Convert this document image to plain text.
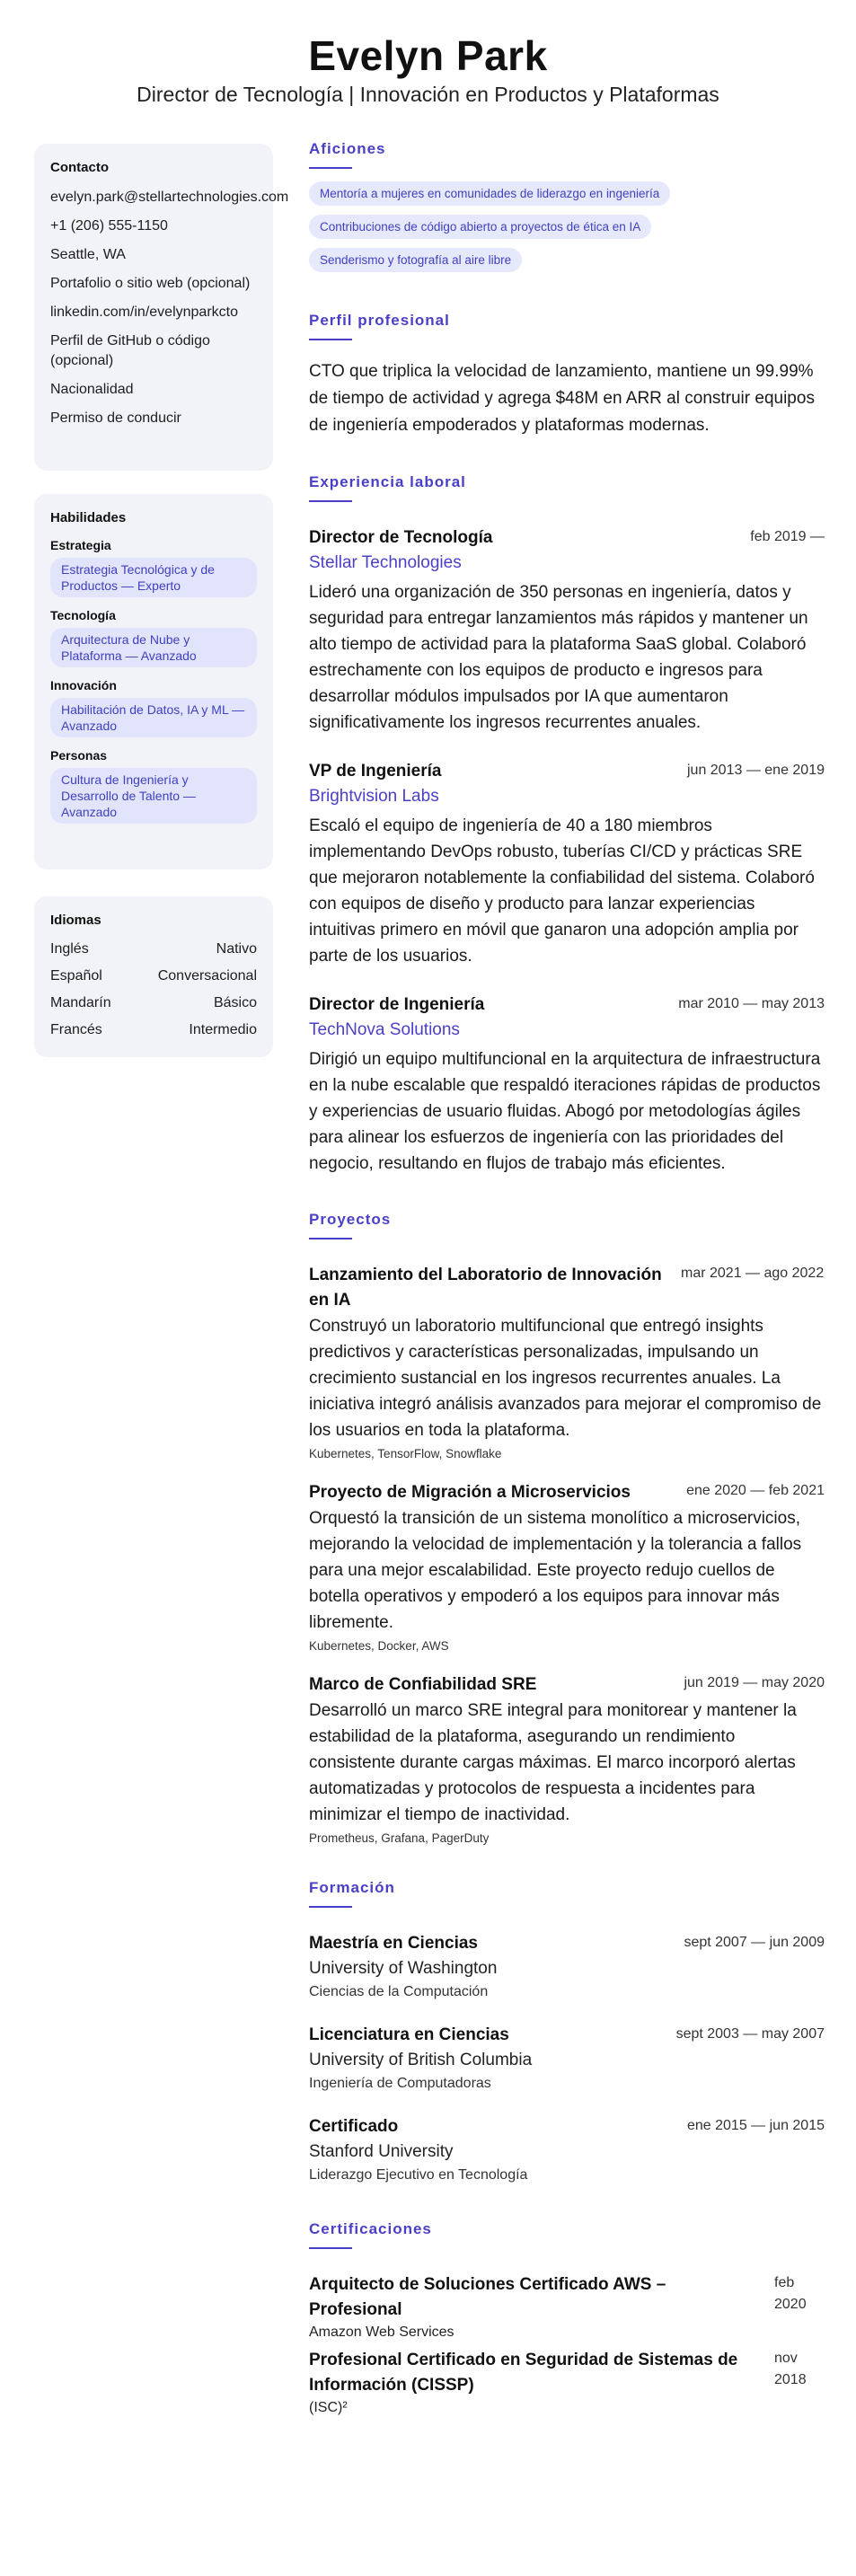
Evelyn Park
Director de Tecnología | Innovación en Productos y Plataformas
Contacto
evelyn.park@stellartechnologies.com
+1 (206) 555-1150
Seattle, WA
Portafolio o sitio web (opcional)
linkedin.com/in/evelynparkcto
Perfil de GitHub o código (opcional)
Nacionalidad
Permiso de conducir
Habilidades
Estrategia
Estrategia Tecnológica y de Productos — Experto
Tecnología
Arquitectura de Nube y Plataforma — Avanzado
Innovación
Habilitación de Datos, IA y ML — Avanzado
Personas
Cultura de Ingeniería y Desarrollo de Talento — Avanzado
Idiomas
Inglés	Nativo
Español	Conversacional
Mandarín	Básico
Francés	Intermedio
Aficiones
Mentoría a mujeres en comunidades de liderazgo en ingeniería
Contribuciones de código abierto a proyectos de ética en IA
Senderismo y fotografía al aire libre
Perfil profesional

CTO que triplica la velocidad de lanzamiento, mantiene un 99.99% de tiempo de actividad y agrega $48M en ARR al construir equipos de ingeniería empoderados y plataformas modernas.

Experiencia laboral
Director de Tecnología	feb 2019 —
Stellar Technologies

Lideró una organización de 350 personas en ingeniería, datos y seguridad para entregar lanzamientos más rápidos y mantener un alto tiempo de actividad para la plataforma SaaS global. Colaboró estrechamente con los equipos de producto e ingresos para desarrollar módulos impulsados por IA que aumentaron significativamente los ingresos recurrentes anuales.

VP de Ingeniería	jun 2013 — ene 2019
Brightvision Labs

Escaló el equipo de ingeniería de 40 a 180 miembros implementando DevOps robusto, tuberías CI/CD y prácticas SRE que mejoraron notablemente la confiabilidad del sistema. Colaboró con equipos de diseño y producto para lanzar experiencias intuitivas primero en móvil que ganaron una adopción amplia por parte de los usuarios.

Director de Ingeniería	mar 2010 — may 2013
TechNova Solutions

Dirigió un equipo multifuncional en la arquitectura de infraestructura en la nube escalable que respaldó iteraciones rápidas de productos y experiencias de usuario fluidas. Abogó por metodologías ágiles para alinear los esfuerzos de ingeniería con las prioridades del negocio, resultando en flujos de trabajo más eficientes.

Proyectos
Lanzamiento del Laboratorio de Innovación en IA
mar 2021 — ago 2022

Construyó un laboratorio multifuncional que entregó insights predictivos y características personalizadas, impulsando un crecimiento sustancial en los ingresos recurrentes anuales. La iniciativa integró análisis avanzados para mejorar el compromiso de los usuarios en toda la plataforma.

Kubernetes, TensorFlow, Snowflake
Proyecto de Migración a Microservicios	ene 2020 — feb 2021

Orquestó la transición de un sistema monolítico a microservicios, mejorando la velocidad de implementación y la tolerancia a fallos para una mejor escalabilidad. Este proyecto redujo cuellos de botella operativos y empoderó a los equipos para innovar más libremente.

Kubernetes, Docker, AWS
Marco de Confiabilidad SRE	jun 2019 — may 2020

Desarrolló un marco SRE integral para monitorear y mantener la estabilidad de la plataforma, asegurando un rendimiento consistente durante cargas máximas. El marco incorporó alertas automatizadas y protocolos de respuesta a incidentes para minimizar el tiempo de inactividad.

Prometheus, Grafana, PagerDuty
Formación
Maestría en Ciencias	sept 2007 — jun 2009
University of Washington
Ciencias de la Computación
Licenciatura en Ciencias	sept 2003 — may 2007
University of British Columbia
Ingeniería de Computadoras
Certificado	ene 2015 — jun 2015
Stanford University
Liderazgo Ejecutivo en Tecnología
Certificaciones
Arquitecto de Soluciones Certificado AWS – Profesional
feb 2020
Amazon Web Services
Profesional Certificado en Seguridad de Sistemas de Información (CISSP)
nov 2018
(ISC)²
